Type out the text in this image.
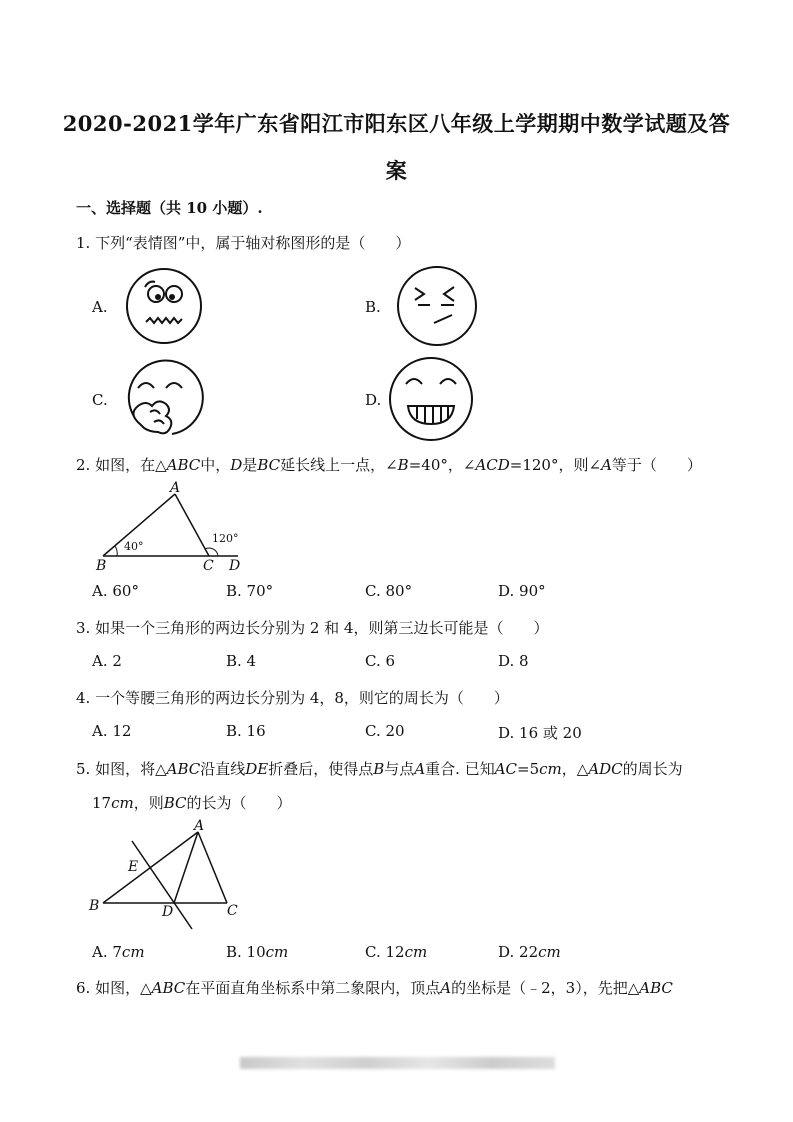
2020-2021学年广东省阳江市阳东区八年级上学期期中数学试题及答
案
一、选择题（共 10 小题）.
1. 下列“表情图”中，属于轴对称图形的是（　　）
A.	B.
C.	D.
2. 如图，在△ABC中，D是BC延长线上一点，∠B=40°，∠ACD=120°，则∠A等于（　　）
A
B	C D
40°
120°
A. 60°	B. 70°	C. 80°	D. 90°
3. 如果一个三角形的两边长分别为 2 和 4，则第三边长可能是（　　）
A. 2	B. 4	C. 6	D. 8
4. 一个等腰三角形的两边长分别为 4，8，则它的周长为（　　）
A. 12	B. 16	C. 20	D. 16 或 20
5. 如图，将△ABC沿直线DE折叠后，使得点B与点A重合. 已知AC=5cm，△ADC的周长为
17cm，则BC的长为（　　）
A
E
B	D	C
A. 7cm	B. 10cm	C. 12cm	D. 22cm
6. 如图，△ABC在平面直角坐标系中第二象限内，顶点A的坐标是（﹣2，3），先把△ABC
